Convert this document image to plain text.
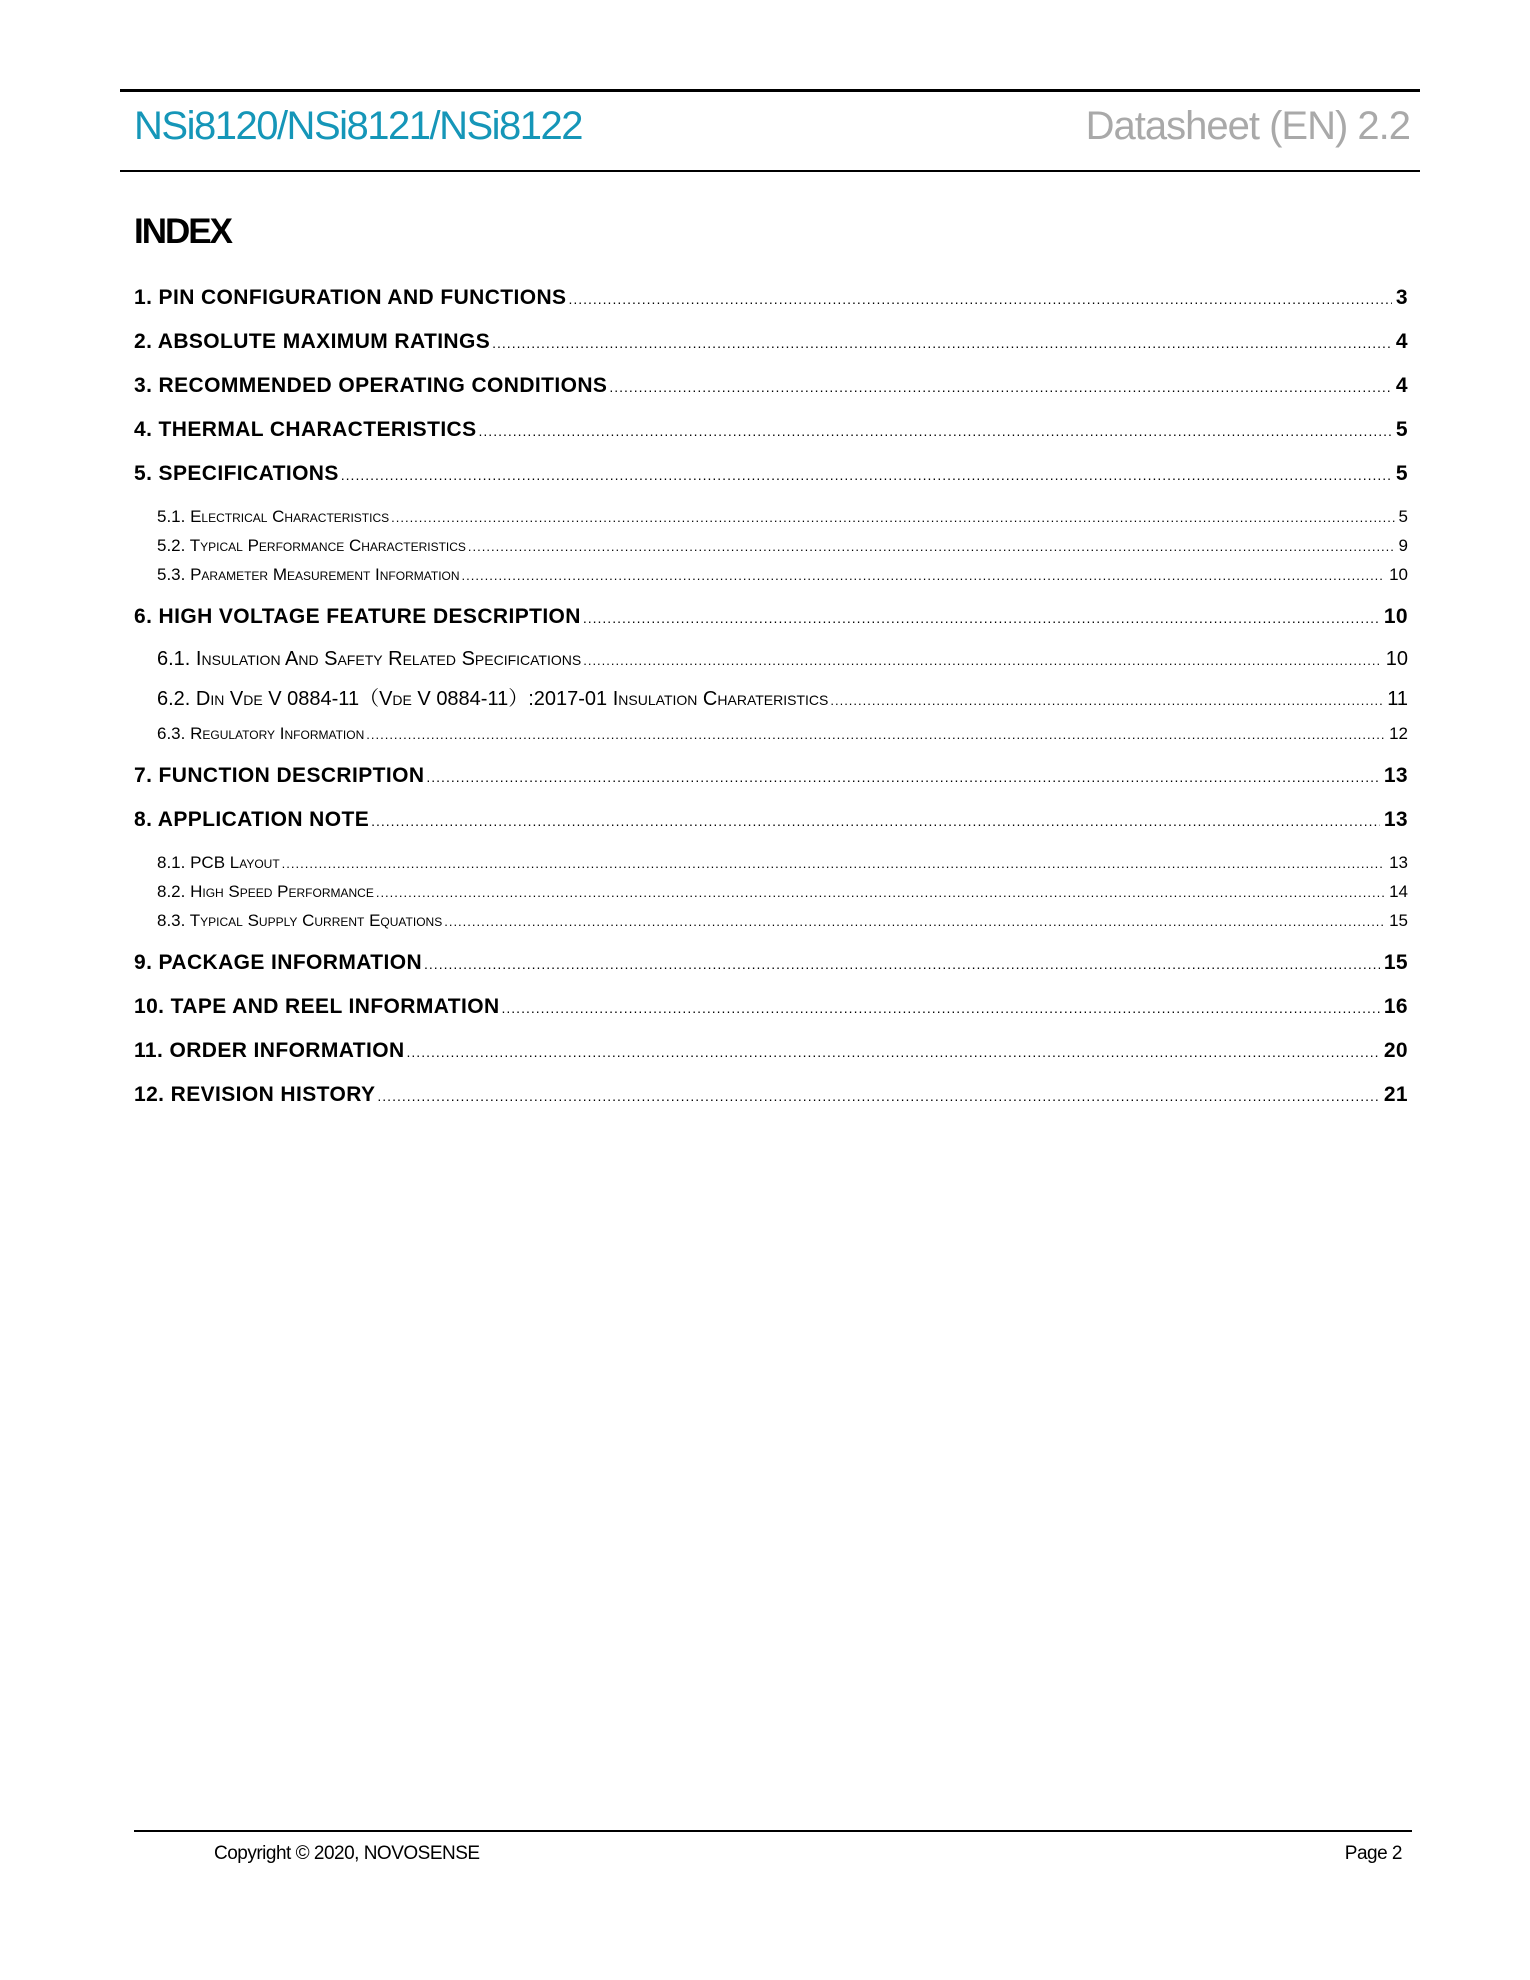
NSi8120/NSi8121/NSi8122	Datasheet (EN) 2.2
INDEX
1. PIN CONFIGURATION AND FUNCTIONS .....	3
2. ABSOLUTE MAXIMUM RATINGS .....	4
3. RECOMMENDED OPERATING CONDITIONS .....	4
4. THERMAL CHARACTERISTICS .....	5
5. SPECIFICATIONS .....	5
5.1. Electrical Characteristics .....	5
5.2. Typical Performance Characteristics .....	9
5.3. Parameter Measurement Information .....	10
6. HIGH VOLTAGE FEATURE DESCRIPTION .....	10
6.1. Insulation And Safety Related Specifications .....	10
6.2. Din Vde V 0884-11（Vde V 0884-11）:2017-01 Insulation Charateristics .....	11
6.3. Regulatory Information .....	12
7. FUNCTION DESCRIPTION .....	13
8. APPLICATION NOTE .....	13
8.1. PCB Layout .....	13
8.2. High Speed Performance .....	14
8.3. Typical Supply Current Equations .....	15
9. PACKAGE INFORMATION .....	15
10. TAPE AND REEL INFORMATION .....	16
11. ORDER INFORMATION .....	20
12. REVISION HISTORY .....	21
Copyright © 2020, NOVOSENSE	Page 2
